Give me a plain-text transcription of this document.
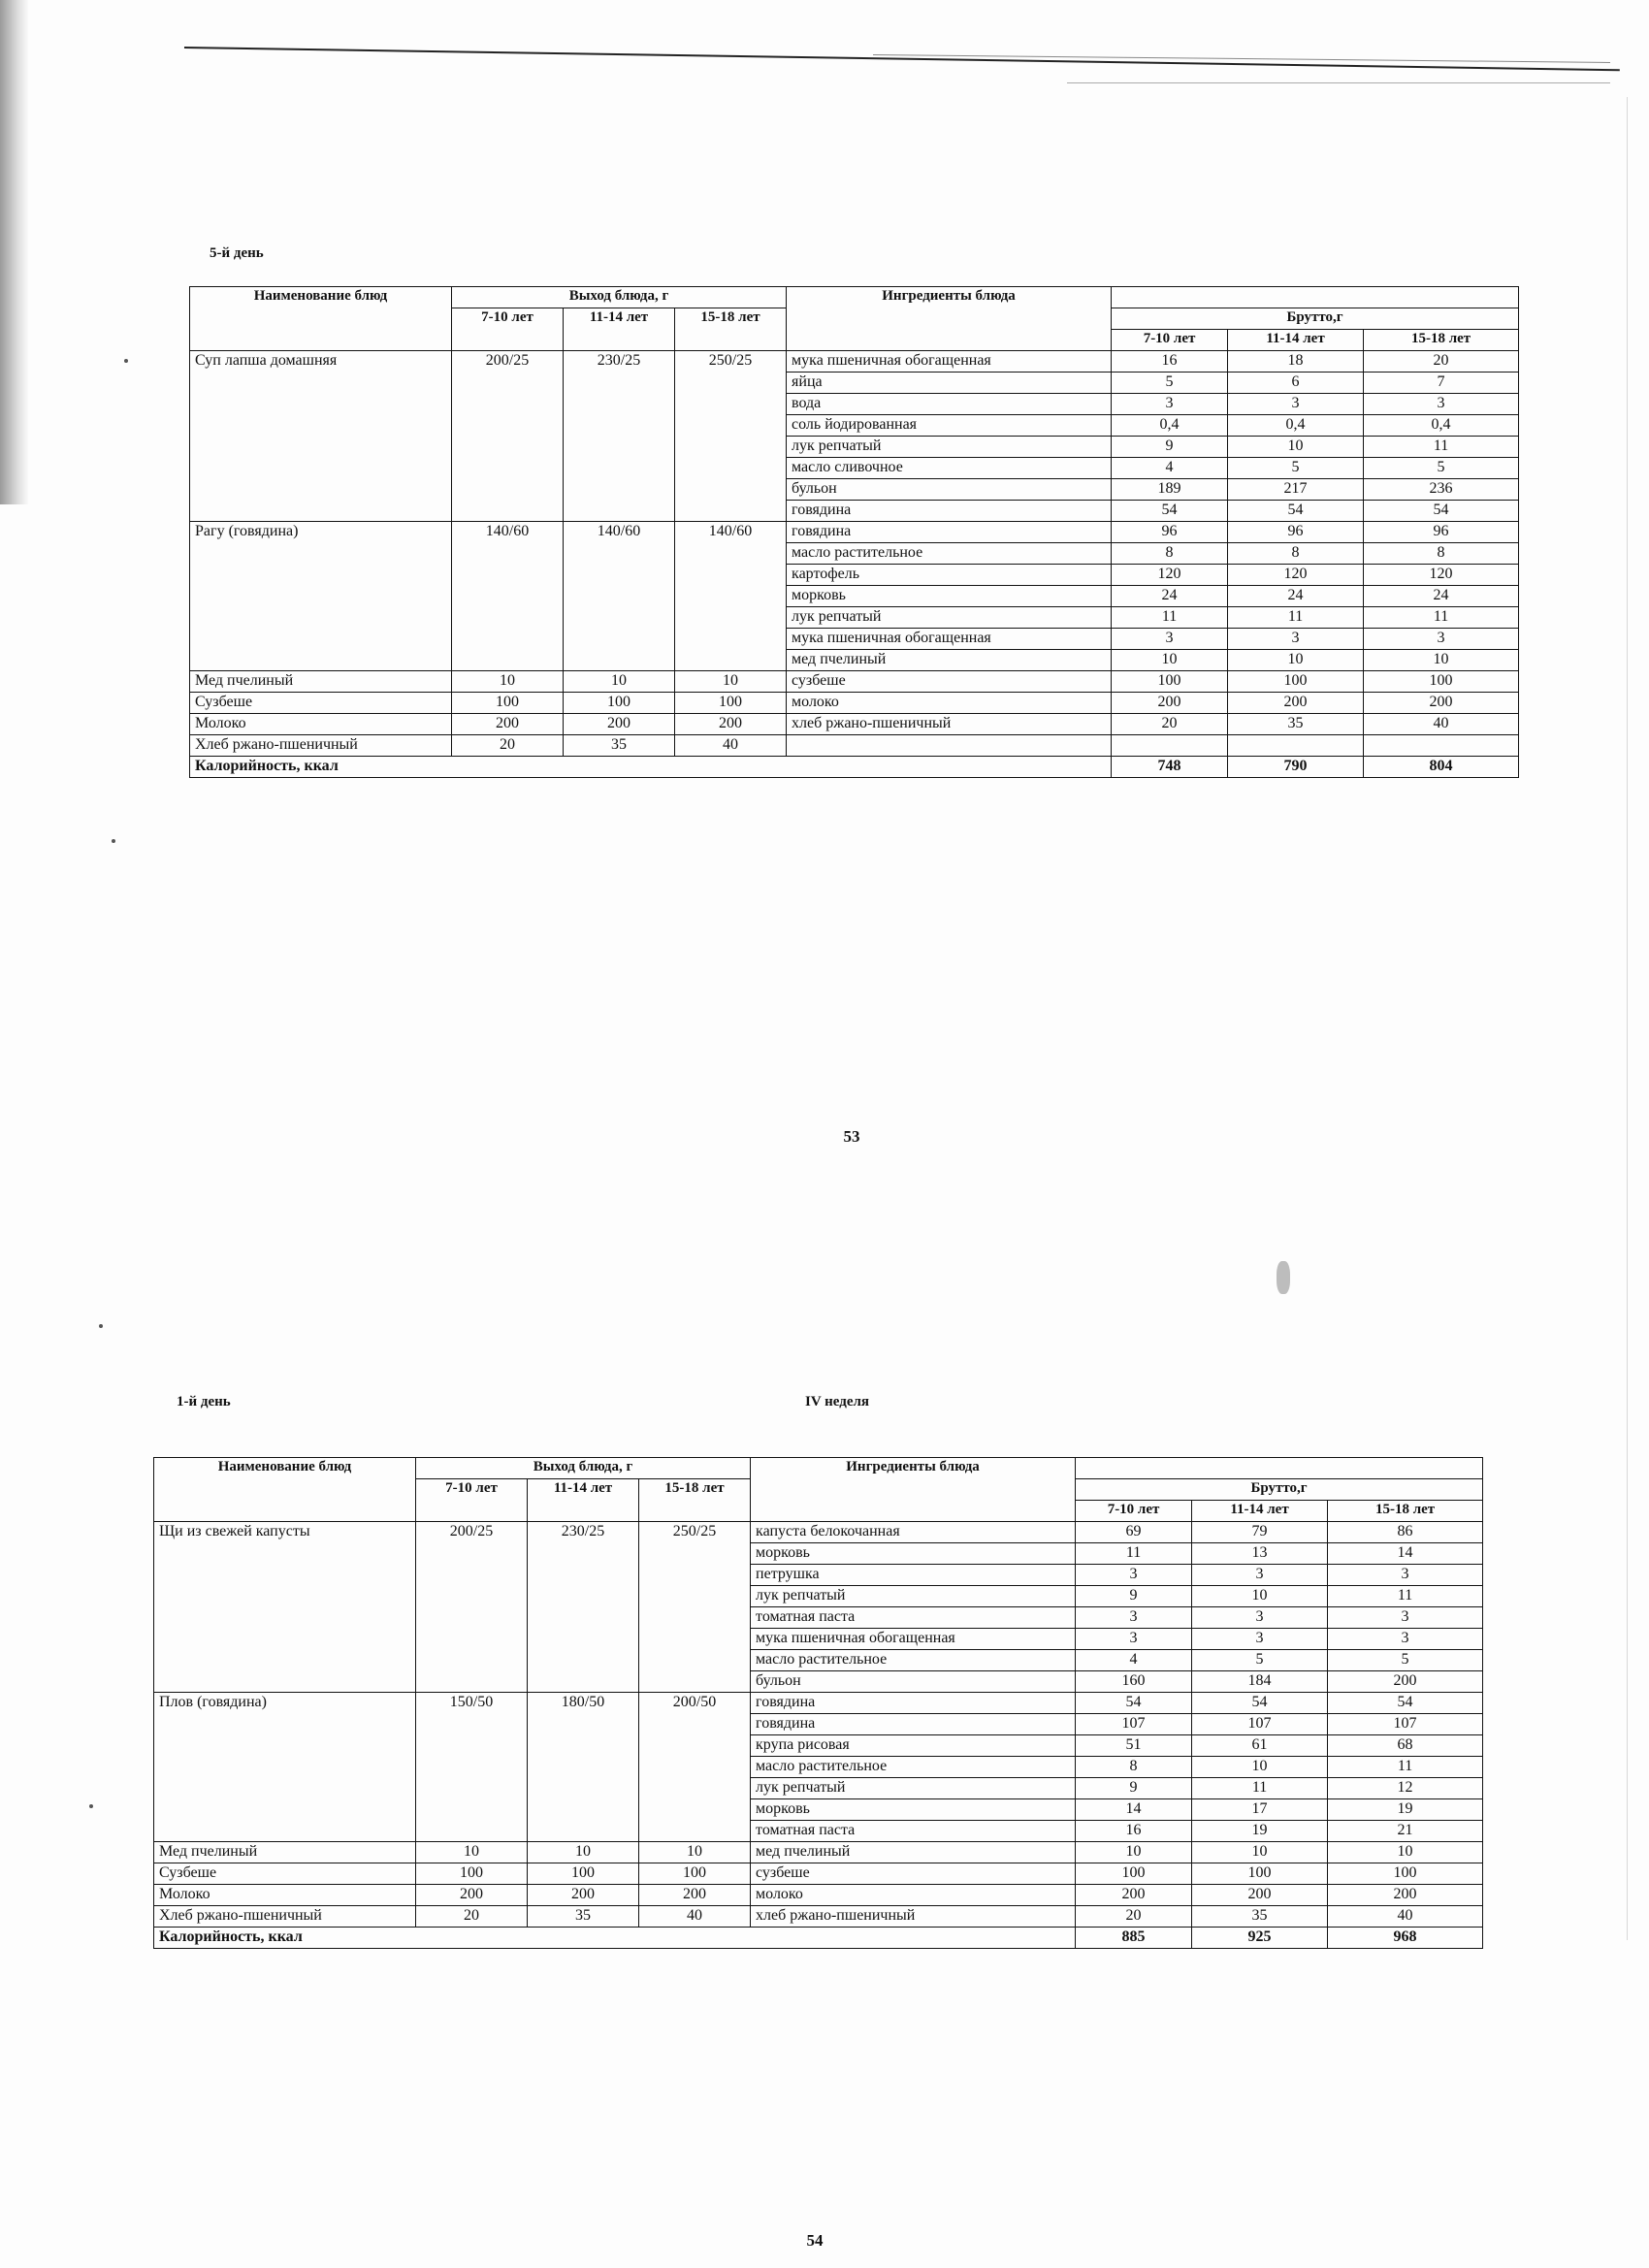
5-й день
Наименование блюд	Выход блюда, г			Ингредиенты блюда			
	7-10 лет	11-14 лет	15-18 лет		Брутто,г		
					7-10 лет	11-14 лет	15-18 лет
Суп лапша домашняя	200/25	230/25	250/25	мука пшеничная обогащенная	16	18	20
				яйца	5	6	7
				вода	3	3	3
				соль йодированная	0,4	0,4	0,4
				лук репчатый	9	10	11
				масло сливочное	4	5	5
				бульон	189	217	236
				говядина	54	54	54
Рагу (говядина)	140/60	140/60	140/60	говядина	96	96	96
				масло растительное	8	8	8
				картофель	120	120	120
				морковь	24	24	24
				лук репчатый	11	11	11
				мука пшеничная обогащенная	3	3	3
				мед пчелиный	10	10	10
Мед пчелиный	10	10	10	сузбеше	100	100	100
Сузбеше	100	100	100	молоко	200	200	200
Молоко	200	200	200	хлеб ржано-пшеничный	20	35	40
Хлеб ржано-пшеничный	20	35	40				
Калорийность, ккал					748	790	804
53
1-й день	IV неделя
Наименование блюд	Выход блюда, г			Ингредиенты блюда			
	7-10 лет	11-14 лет	15-18 лет		Брутто,г		
					7-10 лет	11-14 лет	15-18 лет
Щи из свежей капусты	200/25	230/25	250/25	капуста белокочанная	69	79	86
				морковь	11	13	14
				петрушка	3	3	3
				лук репчатый	9	10	11
				томатная паста	3	3	3
				мука пшеничная обогащенная	3	3	3
				масло растительное	4	5	5
				бульон	160	184	200
Плов (говядина)	150/50	180/50	200/50	говядина	54	54	54
				говядина	107	107	107
				крупа рисовая	51	61	68
				масло растительное	8	10	11
				лук репчатый	9	11	12
				морковь	14	17	19
				томатная паста	16	19	21
Мед пчелиный	10	10	10	мед пчелиный	10	10	10
Сузбеше	100	100	100	сузбеше	100	100	100
Молоко	200	200	200	молоко	200	200	200
Хлеб ржано-пшеничный	20	35	40	хлеб ржано-пшеничный	20	35	40
Калорийность, ккал					885	925	968
54
